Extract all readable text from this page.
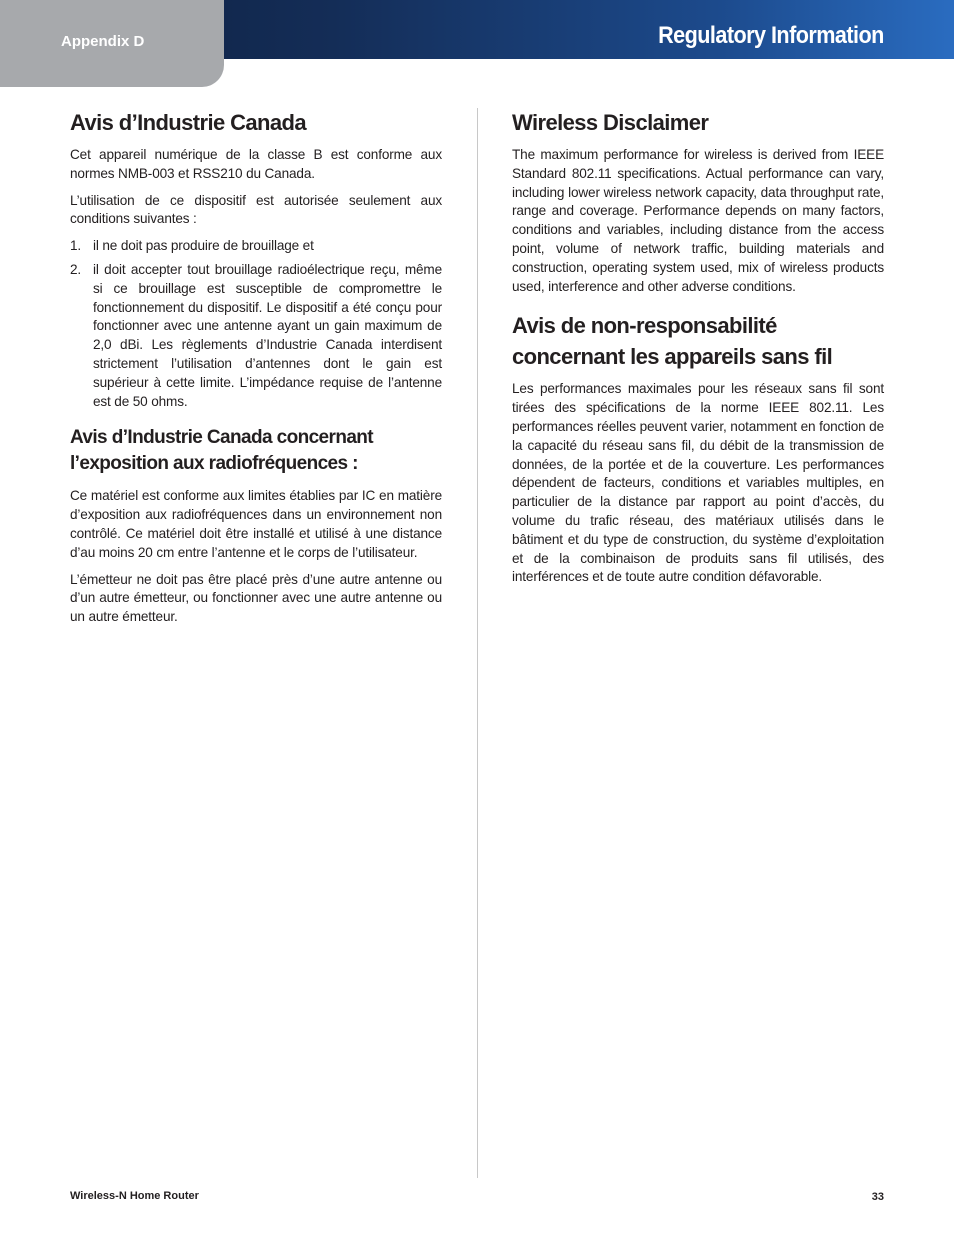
Appendix D	Regulatory Information
Avis d’Industrie Canada

Cet appareil numérique de la classe B est conforme aux normes NMB-003 et RSS210 du Canada.

L’utilisation de ce dispositif est autorisée seulement aux conditions suivantes :

1. il ne doit pas produire de brouillage et
2. il doit accepter tout brouillage radioélectrique reçu, même si ce brouillage est susceptible de compromettre le fonctionnement du dispositif. Le dispositif a été conçu pour fonctionner avec une antenne ayant un gain maximum de 2,0 dBi. Les règlements d’Industrie Canada interdisent strictement l’utilisation d’antennes dont le gain est supérieur à cette limite. L’impédance requise de l’antenne est de 50 ohms.
Avis d’Industrie Canada concernant l’exposition aux radiofréquences :

Ce matériel est conforme aux limites établies par IC en matière d’exposition aux radiofréquences dans un environnement non contrôlé. Ce matériel doit être installé et utilisé à une distance d’au moins 20 cm entre l’antenne et le corps de l’utilisateur.

L’émetteur ne doit pas être placé près d’une autre antenne ou d’un autre émetteur, ou fonctionner avec une autre antenne ou un autre émetteur.

Wireless Disclaimer

The maximum performance for wireless is derived from IEEE Standard 802.11 specifications. Actual performance can vary, including lower wireless network capacity, data throughput rate, range and coverage. Performance depends on many factors, conditions and variables, including distance from the access point, volume of network traffic, building materials and construction, operating system used, mix of wireless products used, interference and other adverse conditions.

Avis de non-responsabilité concernant les appareils sans fil

Les performances maximales pour les réseaux sans fil sont tirées des spécifications de la norme IEEE 802.11. Les performances réelles peuvent varier, notamment en fonction de la capacité du réseau sans fil, du débit de la transmission de données, de la portée et de la couverture. Les performances dépendent de facteurs, conditions et variables multiples, en particulier de la distance par rapport au point d’accès, du volume du trafic réseau, des matériaux utilisés dans le bâtiment et du type de construction, du système d’exploitation et de la combinaison de produits sans fil utilisés, des interférences et de toute autre condition défavorable.

Wireless-N Home Router	33
